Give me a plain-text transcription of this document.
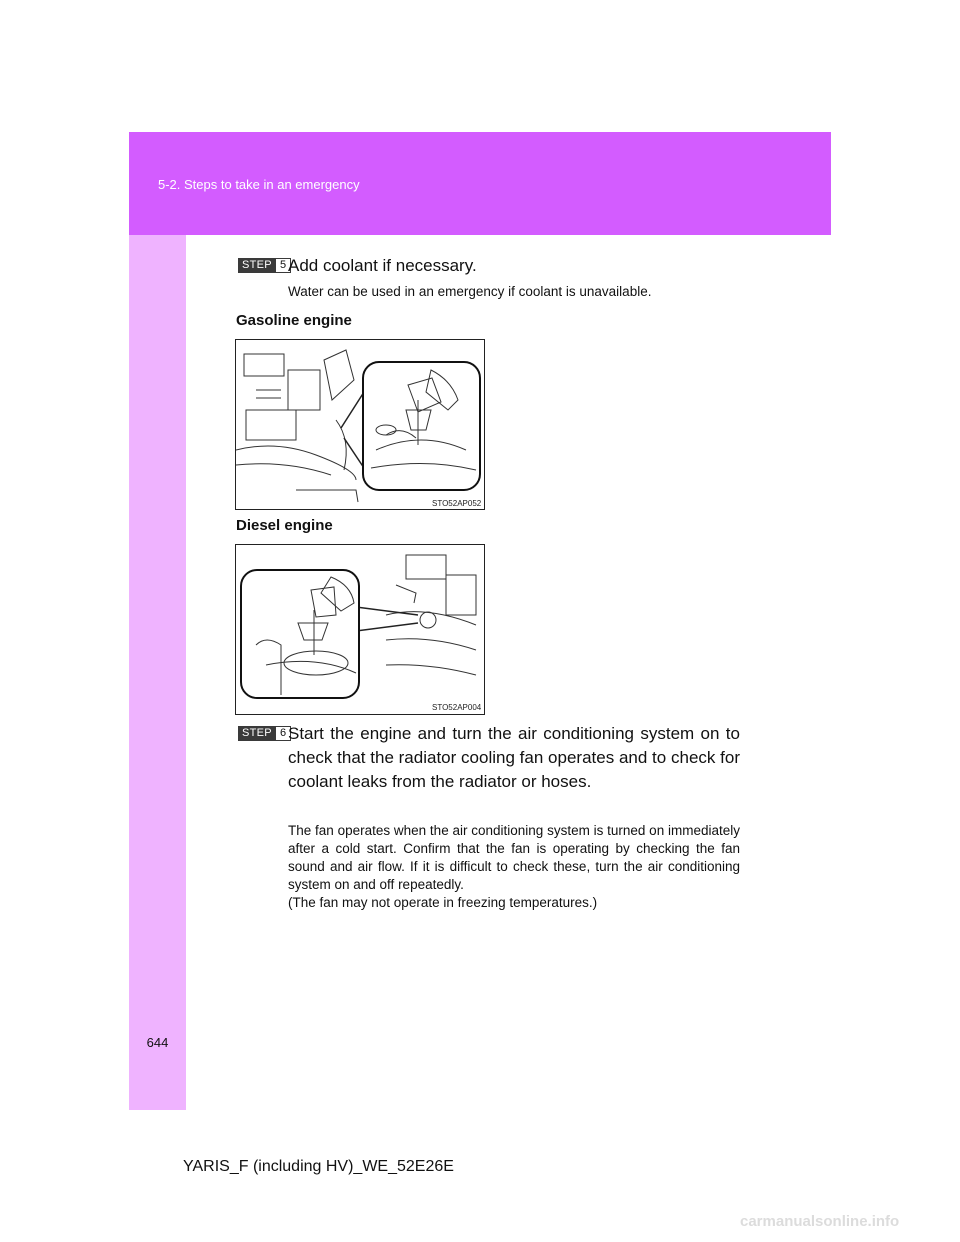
5-2. Steps to take in an emergency
644
STEP 5 Add coolant if necessary.
Water can be used in an emergency if coolant is unavailable.
Gasoline engine
STO52AP052
Diesel engine
STO52AP004
STEP 6 Start the engine and turn the air conditioning system on to check that the radiator cooling fan operates and to check for coolant leaks from the radiator or hoses.
The fan operates when the air conditioning system is turned on immediately after a cold start. Confirm that the fan is operating by checking the fan sound and air flow. If it is difficult to check these, turn the air conditioning system on and off repeatedly.
(The fan may not operate in freezing temperatures.)
YARIS_F (including HV)_WE_52E26E
carmanualsonline.info
